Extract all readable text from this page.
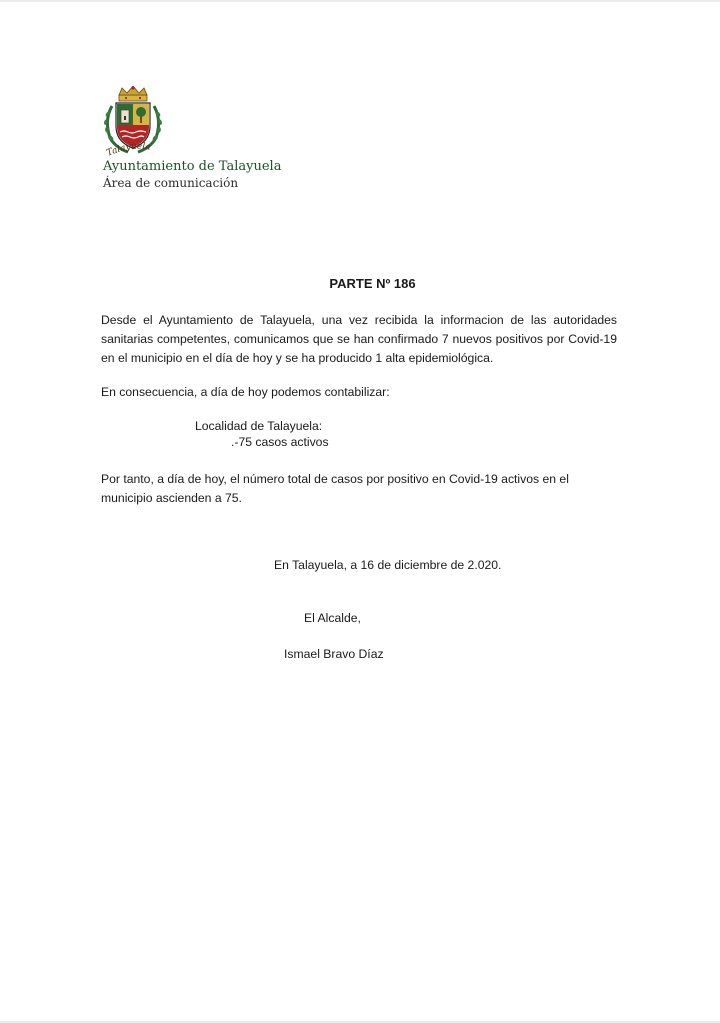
Talayuela
Ayuntamiento de Talayuela
Área de comunicación
PARTE Nº 186
Desde el Ayuntamiento de Talayuela, una vez recibida la informacion de las autoridades sanitarias competentes, comunicamos que se han confirmado 7 nuevos positivos por Covid-19 en el municipio en el día de hoy y se ha producido 1 alta epidemiológica.
En consecuencia, a día de hoy podemos contabilizar:
Localidad de Talayuela:
.-75 casos activos
Por tanto, a día de hoy, el número total de casos por positivo en Covid-19 activos en el municipio ascienden a 75.
En Talayuela, a 16 de diciembre de 2.020.
El Alcalde,
Ismael Bravo Díaz
